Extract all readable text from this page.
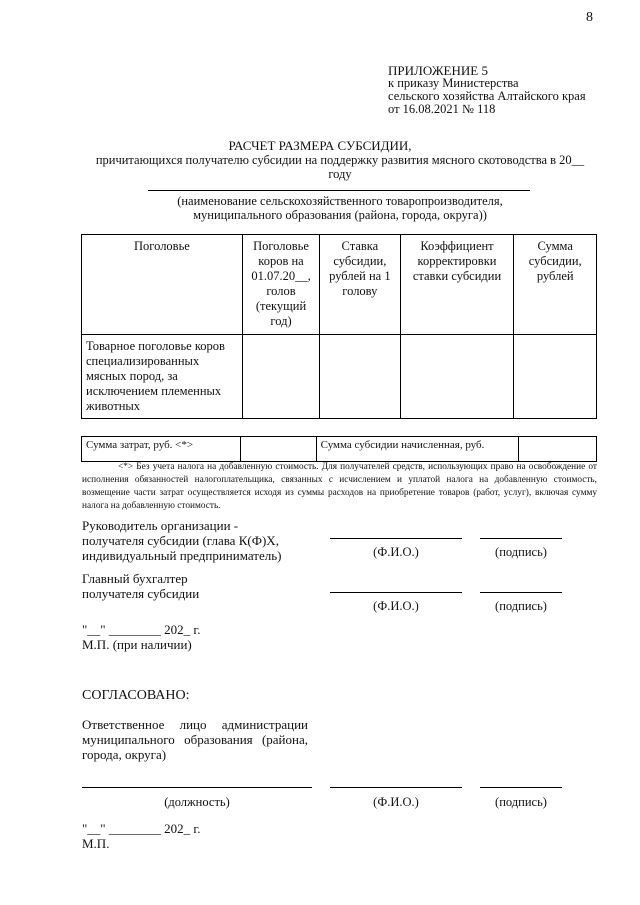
8
ПРИЛОЖЕНИЕ 5
к приказу Министерства
сельского хозяйства Алтайского края
от 16.08.2021 № 118
РАСЧЕТ РАЗМЕРА СУБСИДИИ,
причитающихся получателю субсидии на поддержку развития мясного скотоводства в 20__
году
(наименование сельскохозяйственного товаропроизводителя,
муниципального образования (района, города, округа))
Поголовье	Поголовье коров на 01.07.20__, голов (текущий год)	Ставка субсидии, рублей на 1 голову	Коэффициент корректировки ставки субсидии	Сумма субсидии, рублей
Товарное поголовье коров специализированных мясных пород, за исключением племенных животных				
Сумма затрат, руб. <*>		Сумма субсидии начисленная, руб.	
<*> Без учета налога на добавленную стоимость. Для получателей средств, использующих право на освобождение от исполнения обязанностей налогоплательщика, связанных с исчислением и уплатой налога на добавленную стоимость, возмещение части затрат осуществляется исходя из суммы расходов на приобретение товаров (работ, услуг), включая сумму налога на добавленную стоимость.
Руководитель организации -
получателя субсидии (глава К(Ф)Х,
индивидуальный предприниматель)	(Ф.И.О.)	(подпись)
Главный бухгалтер
получателя субсидии
(Ф.И.О.)	(подпись)
"__" ________ 202_ г.
М.П. (при наличии)
СОГЛАСОВАНО:
Ответственное лицо администрации
муниципального образования (района,
города, округа)
(должность)	(Ф.И.О.)	(подпись)
"__" ________ 202_ г.
М.П.
